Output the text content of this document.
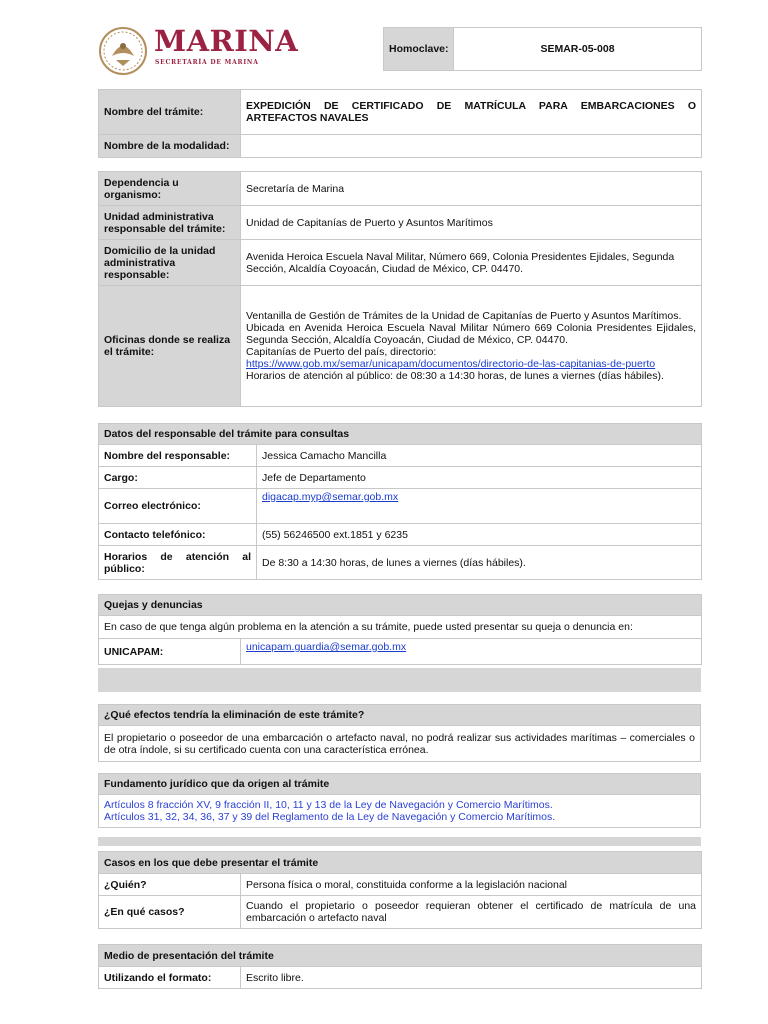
MARINA
SECRETARÍA DE MARINA
Homoclave:	SEMAR-05-008
Nombre del trámite:	EXPEDICIÓN DE CERTIFICADO DE MATRÍCULA PARA EMBARCACIONES O ARTEFACTOS NAVALES
Nombre de la modalidad:	
Dependencia u organismo:	Secretaría de Marina
Unidad administrativa responsable del trámite:	Unidad de Capitanías de Puerto y Asuntos Marítimos
Domicilio de la unidad administrativa responsable:	Avenida Heroica Escuela Naval Militar, Número 669, Colonia Presidentes Ejidales, Segunda Sección, Alcaldía Coyoacán, Ciudad de México, CP. 04470.
Oficinas donde se realiza el trámite:	Ventanilla de Gestión de Trámites de la Unidad de Capitanías de Puerto y Asuntos Marítimos.
Ubicada en Avenida Heroica Escuela Naval Militar Número 669 Colonia Presidentes Ejidales, Segunda Sección, Alcaldía Coyoacán, Ciudad de México, CP. 04470.
Capitanías de Puerto del país, directorio:
https://www.gob.mx/semar/unicapam/documentos/directorio-de-las-capitanias-de-puerto
Horarios de atención al público: de 08:30 a 14:30 horas, de lunes a viernes (días hábiles).
Datos del responsable del trámite para consultas	
Nombre del responsable:	Jessica Camacho Mancilla
Cargo:	Jefe de Departamento
Correo electrónico:	digacap.myp@semar.gob.mx
Contacto telefónico:	(55) 56246500 ext.1851 y 6235
Horarios de atención al público:	De 8:30 a 14:30 horas, de lunes a viernes (días hábiles).
Quejas y denuncias
En caso de que tenga algún problema en la atención a su trámite, puede usted presentar su queja o denuncia en:
UNICAPAM:	unicapam.guardia@semar.gob.mx
¿Qué efectos tendría la eliminación de este trámite?
El propietario o poseedor de una embarcación o artefacto naval, no podrá realizar sus actividades marítimas – comerciales o de otra índole, si su certificado cuenta con una característica errónea.
Fundamento jurídico que da origen al trámite

Artículos 8 fracción XV, 9 fracción II, 10, 11 y 13 de la Ley de Navegación y Comercio Marítimos.
Artículos 31, 32, 34, 36, 37 y 39 del Reglamento de la Ley de Navegación y Comercio Marítimos.
Casos en los que debe presentar el trámite	
¿Quién?	Persona física o moral, constituida conforme a la legislación nacional
¿En qué casos?	Cuando el propietario o poseedor requieran obtener el certificado de matrícula de una embarcación o artefacto naval
Medio de presentación del trámite
Utilizando el formato:	Escrito libre.
